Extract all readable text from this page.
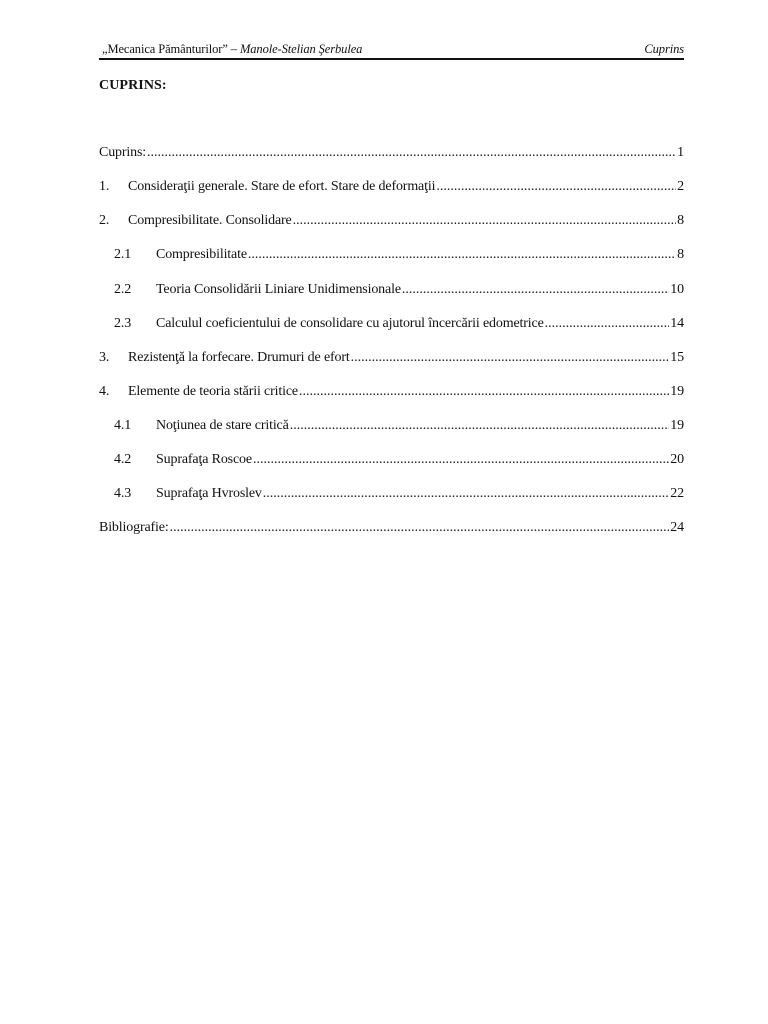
„Mecanica Pământurilor” – Manole-Stelian Şerbulea	Cuprins
CUPRINS:
Cuprins: .....	1
1.	Consideraţii generale. Stare de efort. Stare de deformaţii .....	2
2.	Compresibilitate. Consolidare .....	8
2.1	Compresibilitate .....	8
2.2	Teoria Consolidării Liniare Unidimensionale .....	10
2.3	Calculul coeficientului de consolidare cu ajutorul încercării edometrice .....	14
3.	Rezistenţă la forfecare. Drumuri de efort .....	15
4.	Elemente de teoria stării critice .....	19
4.1	Noţiunea de stare critică .....	19
4.2	Suprafaţa Roscoe .....	20
4.3	Suprafaţa Hvroslev .....	22
Bibliografie: .....	24
